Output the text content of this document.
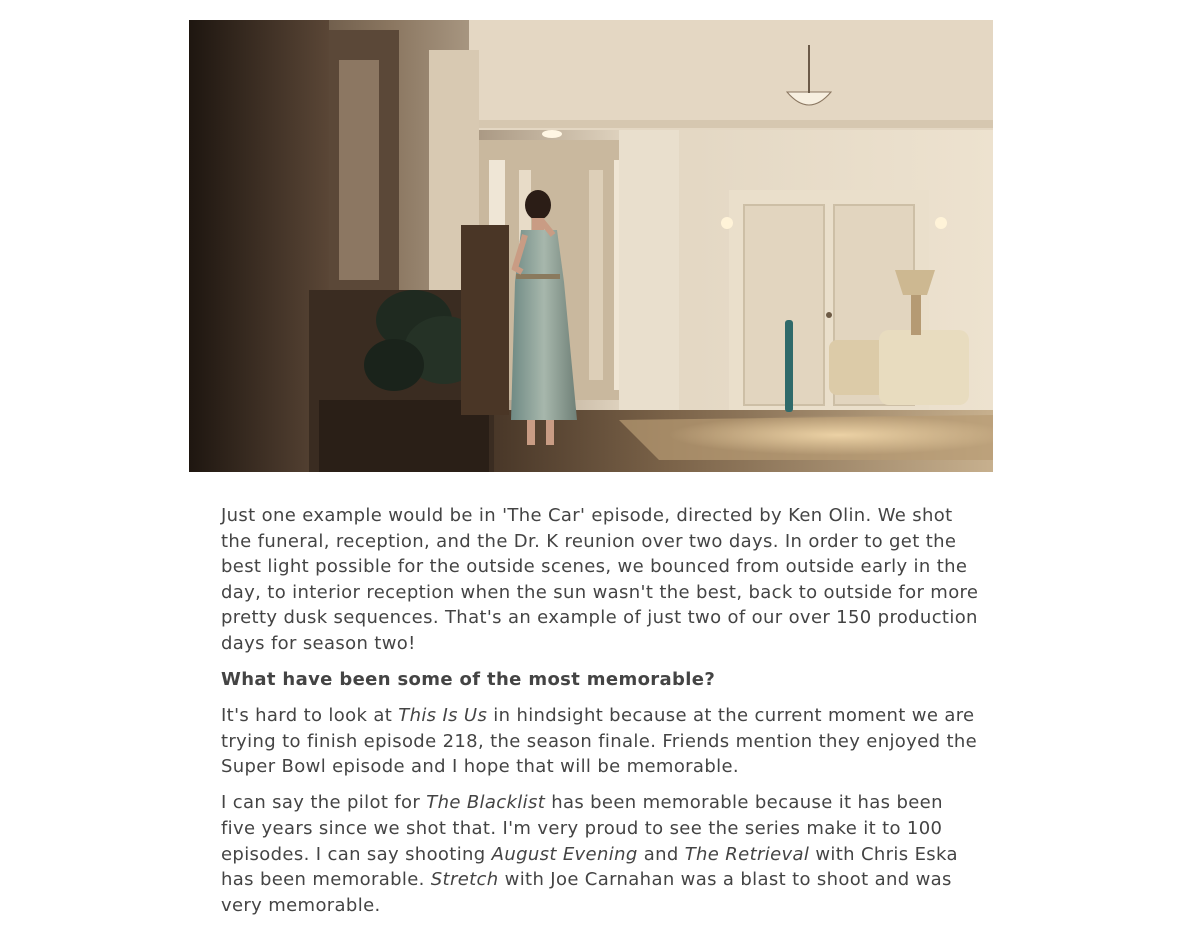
Just one example would be in 'The Car' episode, directed by Ken Olin. We shot the funeral, reception, and the Dr. K reunion over two days. In order to get the best light possible for the outside scenes, we bounced from outside early in the day, to interior reception when the sun wasn't the best, back to outside for more pretty dusk sequences. That's an example of just two of our over 150 production days for season two!

What have been some of the most memorable?

It's hard to look at This Is Us in hindsight because at the current moment we are trying to finish episode 218, the season finale. Friends mention they enjoyed the Super Bowl episode and I hope that will be memorable.

I can say the pilot for The Blacklist has been memorable because it has been five years since we shot that. I'm very proud to see the series make it to 100 episodes. I can say shooting August Evening and The Retrieval with Chris Eska has been memorable. Stretch with Joe Carnahan was a blast to shoot and was very memorable.
